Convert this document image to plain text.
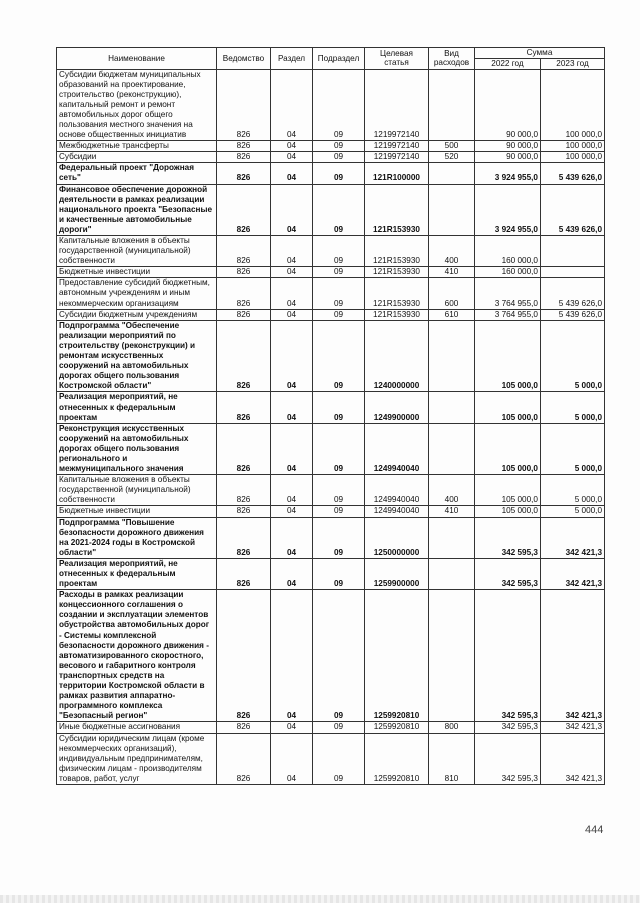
Наименование	Ведомство	Раздел	Подраздел	Целевая статья	Вид расходов	Сумма	
						2022 год	2023 год
Субсидии бюджетам муниципальных образований на проектирование, строительство (реконструкцию), капитальный ремонт и ремонт автомобильных дорог общего пользования местного значения на основе общественных инициатив	826	04	09	1219972140		90 000,0	100 000,0
Межбюджетные трансферты	826	04	09	1219972140	500	90 000,0	100 000,0
Субсидии	826	04	09	1219972140	520	90 000,0	100 000,0
Федеральный проект "Дорожная сеть"	826	04	09	121R100000		3 924 955,0	5 439 626,0
Финансовое обеспечение дорожной деятельности в рамках реализации национального проекта "Безопасные и качественные автомобильные дороги"	826	04	09	121R153930		3 924 955,0	5 439 626,0
Капитальные вложения в объекты государственной (муниципальной) собственности	826	04	09	121R153930	400	160 000,0	
Бюджетные инвестиции	826	04	09	121R153930	410	160 000,0	
Предоставление субсидий бюджетным, автономным учреждениям и иным некоммерческим организациям	826	04	09	121R153930	600	3 764 955,0	5 439 626,0
Субсидии бюджетным учреждениям	826	04	09	121R153930	610	3 764 955,0	5 439 626,0
Подпрограмма "Обеспечение реализации мероприятий по строительству (реконструкции) и ремонтам искусственных сооружений на автомобильных дорогах общего пользования Костромской области"	826	04	09	1240000000		105 000,0	5 000,0
Реализация мероприятий, не отнесенных к федеральным проектам	826	04	09	1249900000		105 000,0	5 000,0
Реконструкция искусственных сооружений на автомобильных дорогах общего пользования регионального и межмуниципального значения	826	04	09	1249940040		105 000,0	5 000,0
Капитальные вложения в объекты государственной (муниципальной) собственности	826	04	09	1249940040	400	105 000,0	5 000,0
Бюджетные инвестиции	826	04	09	1249940040	410	105 000,0	5 000,0
Подпрограмма "Повышение безопасности дорожного движения на 2021-2024 годы в Костромской области"	826	04	09	1250000000		342 595,3	342 421,3
Реализация мероприятий, не отнесенных к федеральным проектам	826	04	09	1259900000		342 595,3	342 421,3
Расходы в рамках реализации концессионного соглашения о создании и эксплуатации элементов обустройства автомобильных дорог - Системы комплексной безопасности дорожного движения - автоматизированного скоростного, весового и габаритного контроля транспортных средств на территории Костромской области в рамках развития аппаратно-программного комплекса "Безопасный регион"	826	04	09	1259920810		342 595,3	342 421,3
Иные бюджетные ассигнования	826	04	09	1259920810	800	342 595,3	342 421,3
Субсидии юридическим лицам (кроме некоммерческих организаций), индивидуальным предпринимателям, физическим лицам - производителям товаров, работ, услуг	826	04	09	1259920810	810	342 595,3	342 421,3
444
